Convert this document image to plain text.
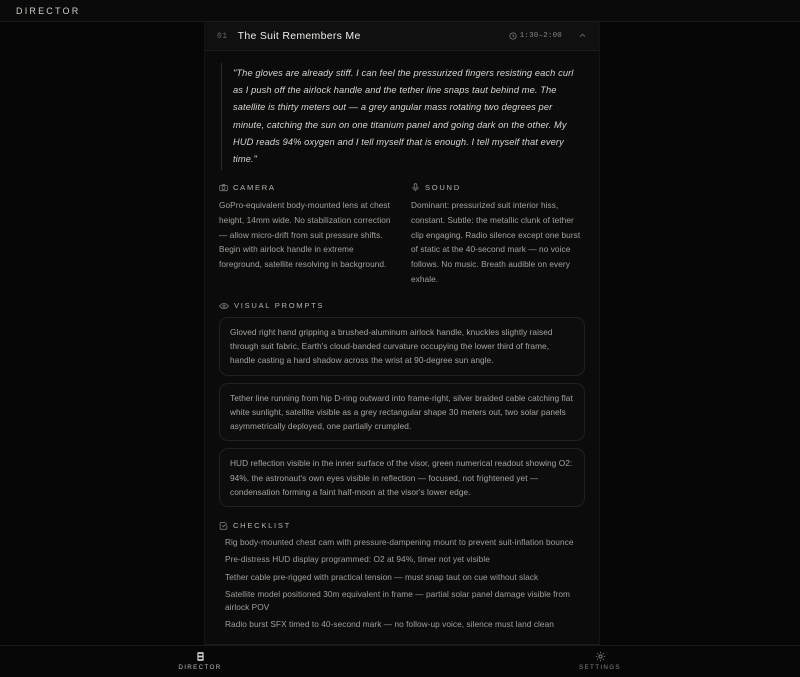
DIRECTOR
01 The Suit Remembers Me	1:30–2:00

"The gloves are already stiff. I can feel the pressurized fingers resisting each curl as I push off the airlock handle and the tether line snaps taut behind me. The satellite is thirty meters out — a grey angular mass rotating two degrees per minute, catching the sun on one titanium panel and going dark on the other. My HUD reads 94% oxygen and I tell myself that is enough. I tell myself that every time."

CAMERA
GoPro-equivalent body-mounted lens at chest height, 14mm wide. No stabilization correction — allow micro-drift from suit pressure shifts. Begin with airlock handle in extreme foreground, satellite resolving in background.
SOUND
Dominant: pressurized suit interior hiss, constant. Subtle: the metallic clunk of tether clip engaging. Radio silence except one burst of static at the 40-second mark — no voice follows. No music. Breath audible on every exhale.
VISUAL PROMPTS
Gloved right hand gripping a brushed-aluminum airlock handle, knuckles slightly raised through suit fabric, Earth's cloud-banded curvature occupying the lower third of frame, handle casting a hard shadow across the wrist at 90-degree sun angle.
Tether line running from hip D-ring outward into frame-right, silver braided cable catching flat white sunlight, satellite visible as a grey rectangular shape 30 meters out, two solar panels asymmetrically deployed, one partially crumpled.
HUD reflection visible in the inner surface of the visor, green numerical readout showing O2: 94%, the astronaut's own eyes visible in reflection — focused, not frightened yet — condensation forming a faint half-moon at the visor's lower edge.
CHECKLIST
Rig body-mounted chest cam with pressure-dampening mount to prevent suit-inflation bounce
Pre-distress HUD display programmed: O2 at 94%, timer not yet visible
Tether cable pre-rigged with practical tension — must snap taut on cue without slack
Satellite model positioned 30m equivalent in frame — partial solar panel damage visible from airlock POV
Radio burst SFX timed to 40-second mark — no follow-up voice, silence must land clean
DIRECTOR	SETTINGS
